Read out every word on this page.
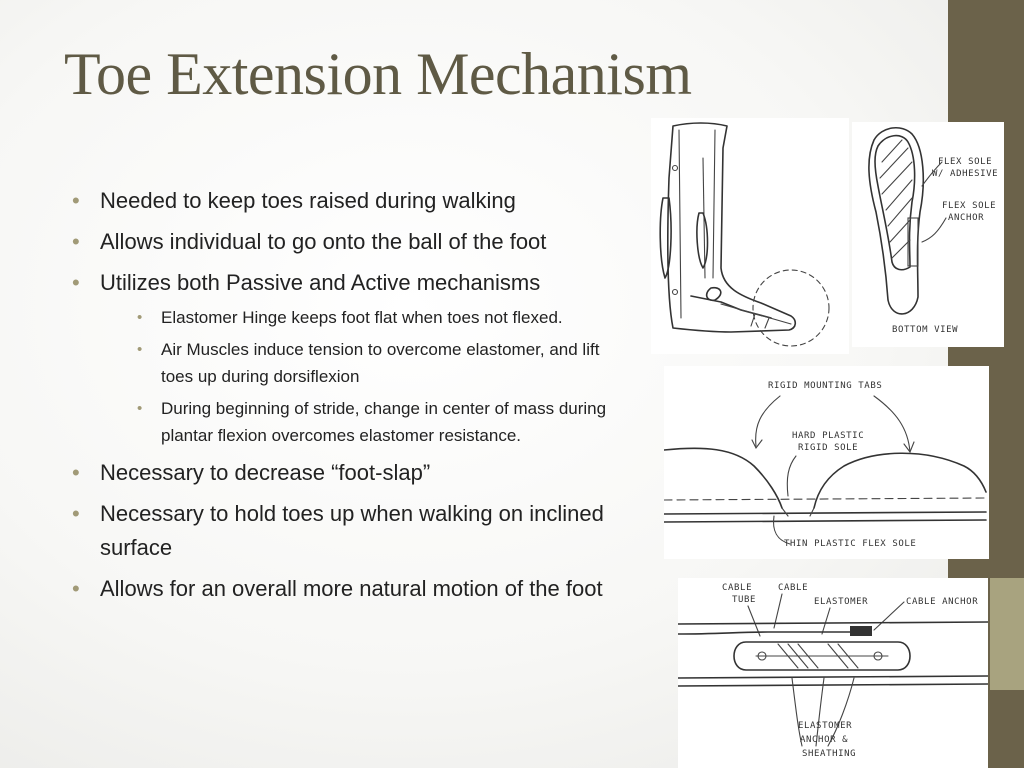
Toe Extension Mechanism
• Needed to keep toes raised during walking
• Allows individual to go onto the ball of the foot
• Utilizes both Passive and Active mechanisms
• Elastomer Hinge keeps foot flat when toes not flexed.
• Air Muscles induce tension to overcome elastomer, and lift toes up during dorsiflexion
• During beginning of stride, change in center of mass during plantar flexion overcomes elastomer resistance.
• Necessary to decrease “foot-slap”
• Necessary to hold toes up when walking on inclined surface
• Allows for an overall more natural motion of the foot
FLEX SOLE
W/ ADHESIVE
FLEX SOLE
ANCHOR
BOTTOM VIEW
RIGID MOUNTING TABS
HARD PLASTIC
RIGID SOLE
THIN PLASTIC FLEX SOLE
CABLE
TUBE
CABLE
ELASTOMER	CABLE ANCHOR
ELASTOMER
ANCHOR &
SHEATHING
